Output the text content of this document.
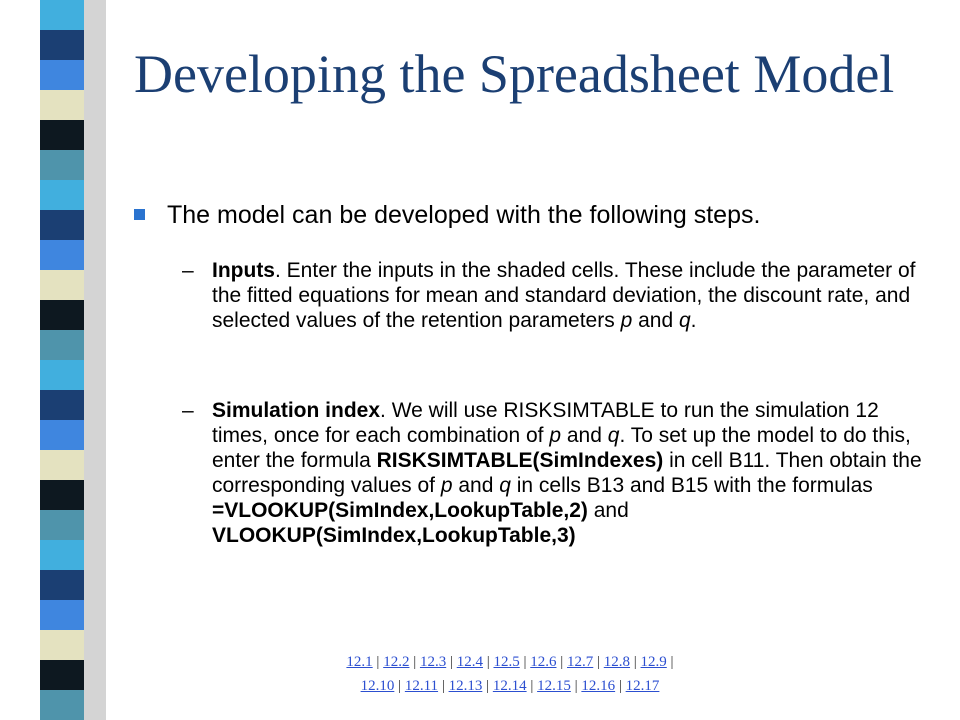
Developing the Spreadsheet Model
The model can be developed with the following steps.
– Inputs. Enter the inputs in the shaded cells. These include the parameter of the fitted equations for mean and standard deviation, the discount rate, and selected values of the retention parameters p and q.
– Simulation index. We will use RISKSIMTABLE to run the simulation 12 times, once for each combination of p and q. To set up the model to do this, enter the formula RISKSIMTABLE(SimIndexes) in cell B11. Then obtain the corresponding values of p and q in cells B13 and B15 with the formulas =VLOOKUP(SimIndex,LookupTable,2) and VLOOKUP(SimIndex,LookupTable,3)
12.1 | 12.2 | 12.3 | 12.4 | 12.5 | 12.6 | 12.7 | 12.8 | 12.9 |
12.10 | 12.11 | 12.13 | 12.14 | 12.15 | 12.16 | 12.17
